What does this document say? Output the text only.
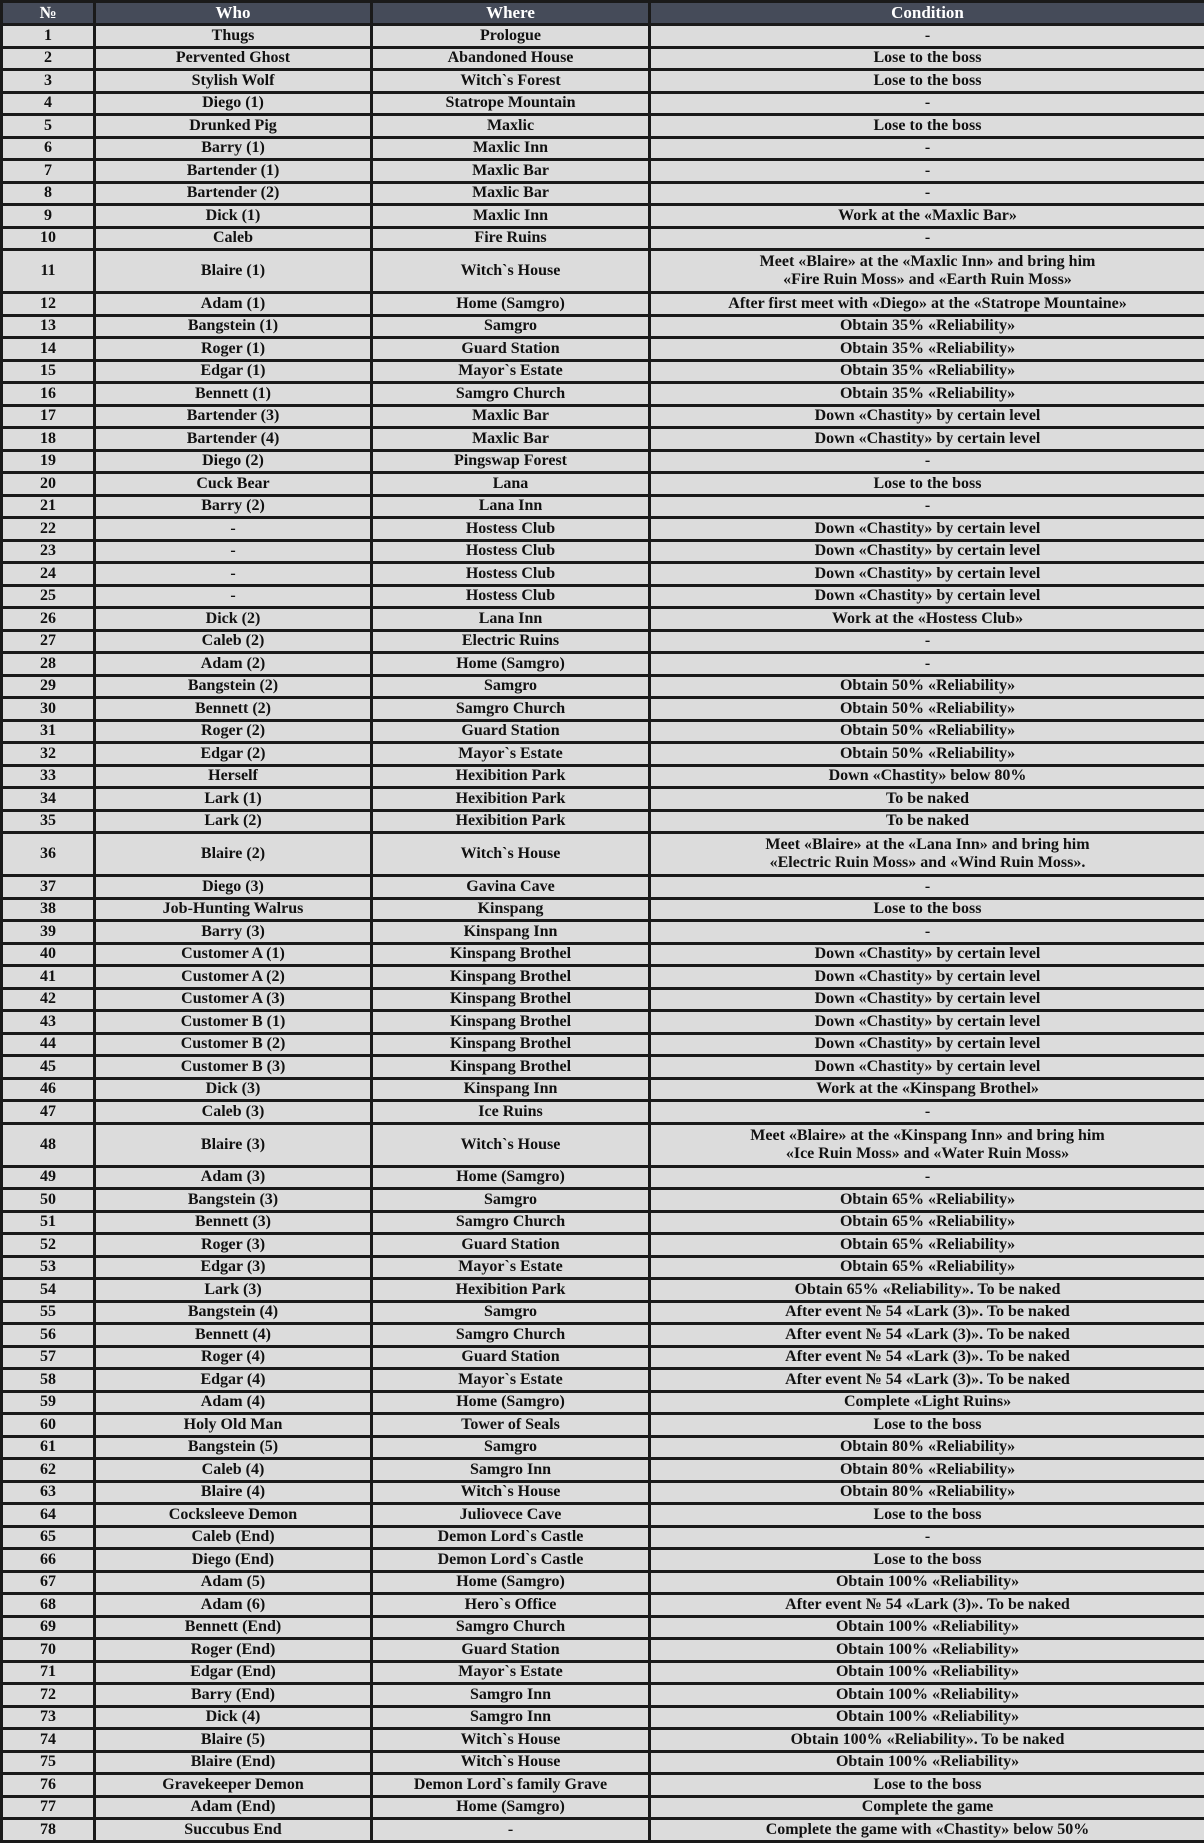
№	Who	Where	Condition
1	Thugs	Prologue	-

2	Pervented Ghost	Abandoned House	Lose to the boss

3	Stylish Wolf	Witch`s Forest	Lose to the boss

4	Diego (1)	Statrope Mountain	-

5	Drunked Pig	Maxlic	Lose to the boss

6	Barry (1)	Maxlic Inn	-

7	Bartender (1)	Maxlic Bar	-

8	Bartender (2)	Maxlic Bar	-

9	Dick (1)	Maxlic Inn	Work at the «Maxlic Bar»

10	Caleb	Fire Ruins	-

11	Blaire (1)	Witch`s House	Meet «Blaire» at the «Maxlic Inn» and bring him
«Fire Ruin Moss» and «Earth Ruin Moss»

12	Adam (1)	Home (Samgro)	After first meet with «Diego» at the «Statrope Mountaine»

13	Bangstein (1)	Samgro	Obtain 35% «Reliability»

14	Roger (1)	Guard Station	Obtain 35% «Reliability»

15	Edgar (1)	Mayor`s Estate	Obtain 35% «Reliability»

16	Bennett (1)	Samgro Church	Obtain 35% «Reliability»

17	Bartender (3)	Maxlic Bar	Down «Chastity» by certain level

18	Bartender (4)	Maxlic Bar	Down «Chastity» by certain level

19	Diego (2)	Pingswap Forest	-

20	Cuck Bear	Lana	Lose to the boss

21	Barry (2)	Lana Inn	-

22	-	Hostess Club	Down «Chastity» by certain level

23	-	Hostess Club	Down «Chastity» by certain level

24	-	Hostess Club	Down «Chastity» by certain level

25	-	Hostess Club	Down «Chastity» by certain level

26	Dick (2)	Lana Inn	Work at the «Hostess Club»

27	Caleb (2)	Electric Ruins	-

28	Adam (2)	Home (Samgro)	-

29	Bangstein (2)	Samgro	Obtain 50% «Reliability»

30	Bennett (2)	Samgro Church	Obtain 50% «Reliability»

31	Roger (2)	Guard Station	Obtain 50% «Reliability»

32	Edgar (2)	Mayor`s Estate	Obtain 50% «Reliability»

33	Herself	Hexibition Park	Down «Chastity» below 80%

34	Lark (1)	Hexibition Park	To be naked

35	Lark (2)	Hexibition Park	To be naked

36	Blaire (2)	Witch`s House	Meet «Blaire» at the «Lana Inn» and bring him
«Electric Ruin Moss» and «Wind Ruin Moss».

37	Diego (3)	Gavina Cave	-

38	Job-Hunting Walrus	Kinspang	Lose to the boss

39	Barry (3)	Kinspang Inn	-

40	Customer A (1)	Kinspang Brothel	Down «Chastity» by certain level

41	Customer A (2)	Kinspang Brothel	Down «Chastity» by certain level

42	Customer A (3)	Kinspang Brothel	Down «Chastity» by certain level

43	Customer B (1)	Kinspang Brothel	Down «Chastity» by certain level

44	Customer B (2)	Kinspang Brothel	Down «Chastity» by certain level

45	Customer B (3)	Kinspang Brothel	Down «Chastity» by certain level

46	Dick (3)	Kinspang Inn	Work at the «Kinspang Brothel»

47	Caleb (3)	Ice Ruins	-

48	Blaire (3)	Witch`s House	Meet «Blaire» at the «Kinspang Inn» and bring him
«Ice Ruin Moss» and «Water Ruin Moss»

49	Adam (3)	Home (Samgro)	-

50	Bangstein (3)	Samgro	Obtain 65% «Reliability»

51	Bennett (3)	Samgro Church	Obtain 65% «Reliability»

52	Roger (3)	Guard Station	Obtain 65% «Reliability»

53	Edgar (3)	Mayor`s Estate	Obtain 65% «Reliability»

54	Lark (3)	Hexibition Park	Obtain 65% «Reliability». To be naked

55	Bangstein (4)	Samgro	After event № 54 «Lark (3)». To be naked

56	Bennett (4)	Samgro Church	After event № 54 «Lark (3)». To be naked

57	Roger (4)	Guard Station	After event № 54 «Lark (3)». To be naked

58	Edgar (4)	Mayor`s Estate	After event № 54 «Lark (3)». To be naked

59	Adam (4)	Home (Samgro)	Complete «Light Ruins»

60	Holy Old Man	Tower of Seals	Lose to the boss

61	Bangstein (5)	Samgro	Obtain 80% «Reliability»

62	Caleb (4)	Samgro Inn	Obtain 80% «Reliability»

63	Blaire (4)	Witch`s House	Obtain 80% «Reliability»

64	Cocksleeve Demon	Juliovece Cave	Lose to the boss

65	Caleb (End)	Demon Lord`s Castle	-

66	Diego (End)	Demon Lord`s Castle	Lose to the boss

67	Adam (5)	Home (Samgro)	Obtain 100% «Reliability»

68	Adam (6)	Hero`s Office	After event № 54 «Lark (3)». To be naked

69	Bennett (End)	Samgro Church	Obtain 100% «Reliability»

70	Roger (End)	Guard Station	Obtain 100% «Reliability»

71	Edgar (End)	Mayor`s Estate	Obtain 100% «Reliability»

72	Barry (End)	Samgro Inn	Obtain 100% «Reliability»

73	Dick (4)	Samgro Inn	Obtain 100% «Reliability»

74	Blaire (5)	Witch`s House	Obtain 100% «Reliability». To be naked

75	Blaire (End)	Witch`s House	Obtain 100% «Reliability»

76	Gravekeeper Demon	Demon Lord`s family Grave	Lose to the boss

77	Adam (End)	Home (Samgro)	Complete the game

78	Succubus End	-	Complete the game with «Chastity» below 50%
